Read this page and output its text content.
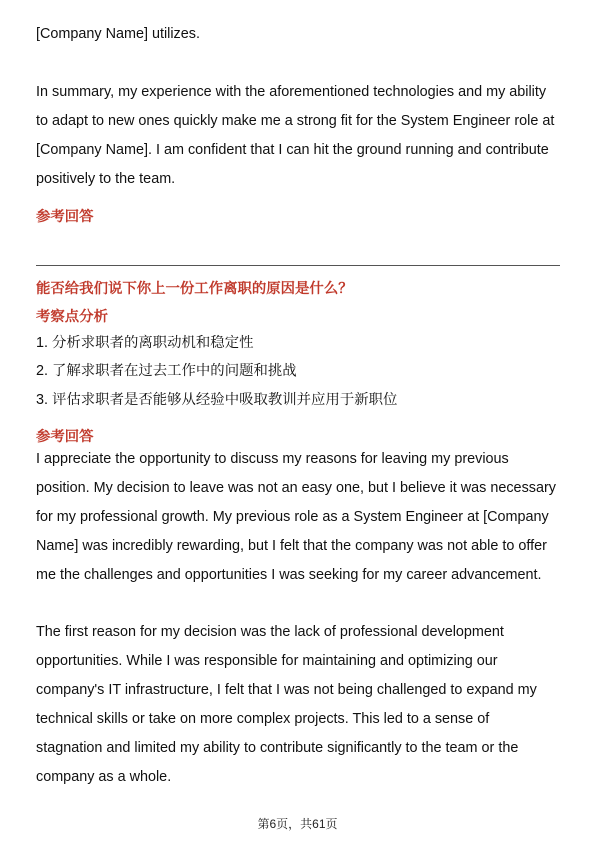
[Company Name] utilizes.

In summary, my experience with the aforementioned technologies and my ability
to adapt to new ones quickly make me a strong fit for the System Engineer role at
[Company Name]. I am confident that I can hit the ground running and contribute
positively to the team.

参考回答

能否给我们说下你上一份工作离职的原因是什么？

考察点分析

1. 分析求职者的离职动机和稳定性

2. 了解求职者在过去工作中的问题和挑战

3. 评估求职者是否能够从经验中吸取教训并应用于新职位

参考回答

I appreciate the opportunity to discuss my reasons for leaving my previous
position. My decision to leave was not an easy one, but I believe it was necessary
for my professional growth. My previous role as a System Engineer at [Company
Name] was incredibly rewarding, but I felt that the company was not able to offer
me the challenges and opportunities I was seeking for my career advancement.

The first reason for my decision was the lack of professional development
opportunities. While I was responsible for maintaining and optimizing our
company's IT infrastructure, I felt that I was not being challenged to expand my
technical skills or take on more complex projects. This led to a sense of
stagnation and limited my ability to contribute significantly to the team or the
company as a whole.

第6页，共61页
